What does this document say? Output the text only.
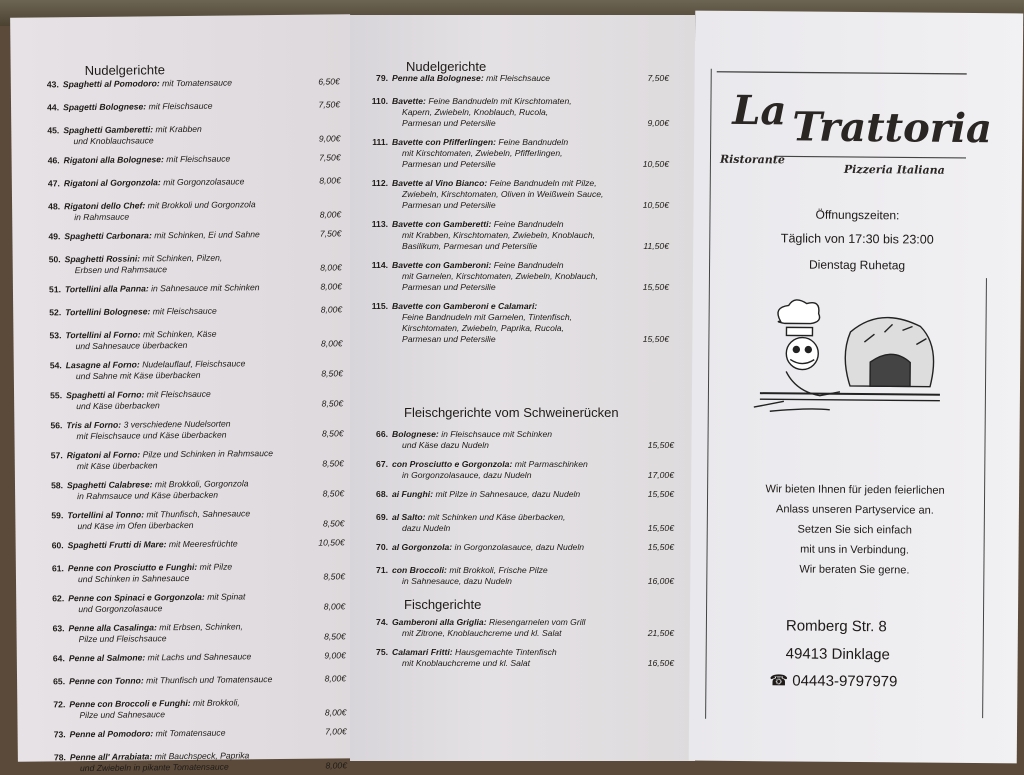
Nudelgerichte
43. Spaghetti al Pomodoro: mit Tomatensauce	6,50€
44. Spagetti Bolognese: mit Fleischsauce	7,50€
45. Spaghetti Gamberetti: mit Krabben
und Knoblauchsauce	9,00€
46. Rigatoni alla Bolognese: mit Fleischsauce	7,50€
47. Rigatoni al Gorgonzola: mit Gorgonzolasauce	8,00€
48. Rigatoni dello Chef: mit Brokkoli und Gorgonzola
in Rahmsauce	8,00€
49. Spaghetti Carbonara: mit Schinken, Ei und Sahne	7,50€
50. Spaghetti Rossini: mit Schinken, Pilzen,
Erbsen und Rahmsauce	8,00€
51. Tortellini alla Panna: in Sahnesauce mit Schinken	8,00€
52. Tortellini Bolognese: mit Fleischsauce	8,00€
53. Tortellini al Forno: mit Schinken, Käse
und Sahnesauce überbacken	8,00€
54. Lasagne al Forno: Nudelauflauf, Fleischsauce
und Sahne mit Käse überbacken	8,50€
55. Spaghetti al Forno: mit Fleischsauce
und Käse überbacken	8,50€
56. Tris al Forno: 3 verschiedene Nudelsorten
mit Fleischsauce und Käse überbacken	8,50€
57. Rigatoni al Forno: Pilze und Schinken in Rahmsauce
mit Käse überbacken	8,50€
58. Spaghetti Calabrese: mit Brokkoli, Gorgonzola
in Rahmsauce und Käse überbacken	8,50€
59. Tortellini al Tonno: mit Thunfisch, Sahnesauce
und Käse im Ofen überbacken	8,50€
60. Spaghetti Frutti di Mare: mit Meeresfrüchte	10,50€
61. Penne con Prosciutto e Funghi: mit Pilze
und Schinken in Sahnesauce	8,50€
62. Penne con Spinaci e Gorgonzola: mit Spinat
und Gorgonzolasauce	8,00€
63. Penne alla Casalinga: mit Erbsen, Schinken,
Pilze und Fleischsauce	8,50€
64. Penne al Salmone: mit Lachs und Sahnesauce	9,00€
65. Penne con Tonno: mit Thunfisch und Tomatensauce	8,00€
72. Penne con Broccoli e Funghi: mit Brokkoli,
Pilze und Sahnesauce	8,00€
73. Penne al Pomodoro: mit Tomatensauce	7,00€
78. Penne all' Arrabiata: mit Bauchspeck, Paprika
und Zwiebeln in pikante Tomatensauce	8,00€
Nudelgerichte
79. Penne alla Bolognese: mit Fleischsauce	7,50€
110. Bavette: Feine Bandnudeln mit Kirschtomaten,
Kapern, Zwiebeln, Knoblauch, Rucola,
Parmesan und Petersilie	9,00€
111. Bavette con Pfifferlingen: Feine Bandnudeln
mit Kirschtomaten, Zwiebeln, Pfifferlingen,
Parmesan und Petersilie	10,50€
112. Bavette al Vino Bianco: Feine Bandnudeln mit Pilze,
Zwiebeln, Kirschtomaten, Oliven in Weißwein Sauce,
Parmesan und Petersilie	10,50€
113. Bavette con Gamberetti: Feine Bandnudeln
mit Krabben, Kirschtomaten, Zwiebeln, Knoblauch,
Basilikum, Parmesan und Petersilie	11,50€
114. Bavette con Gamberoni: Feine Bandnudeln
mit Garnelen, Kirschtomaten, Zwiebeln, Knoblauch,
Parmesan und Petersilie	15,50€
115. Bavette con Gamberoni e Calamari:
Feine Bandnudeln mit Garnelen, Tintenfisch,
Kirschtomaten, Zwiebeln, Paprika, Rucola,
Parmesan und Petersilie	15,50€
Fleischgerichte vom Schweinerücken
66. Bolognese: in Fleischsauce mit Schinken
und Käse dazu Nudeln	15,50€
67. con Prosciutto e Gorgonzola: mit Parmaschinken
in Gorgonzolasauce, dazu Nudeln	17,00€
68. ai Funghi: mit Pilze in Sahnesauce, dazu Nudeln	15,50€
69. al Salto: mit Schinken und Käse überbacken,
dazu Nudeln	15,50€
70. al Gorgonzola: in Gorgonzolasauce, dazu Nudeln	15,50€
71. con Broccoli: mit Brokkoli, Frische Pilze
in Sahnesauce, dazu Nudeln	16,00€
Fischgerichte
74. Gamberoni alla Griglia: Riesengarnelen vom Grill
mit Zitrone, Knoblauchcreme und kl. Salat	21,50€
75. Calamari Fritti: Hausgemachte Tintenfisch
mit Knoblauchcreme und kl. Salat	16,50€
La Trattoria
Ristorante
Pizzeria Italiana
Öffnungszeiten:
Täglich von 17:30 bis 23:00
Dienstag Ruhetag
Wir bieten Ihnen für jeden feierlichen
Anlass unseren Partyservice an.
Setzen Sie sich einfach
mit uns in Verbindung.
Wir beraten Sie gerne.
Romberg Str. 8
49413 Dinklage
☎ 04443-9797979
